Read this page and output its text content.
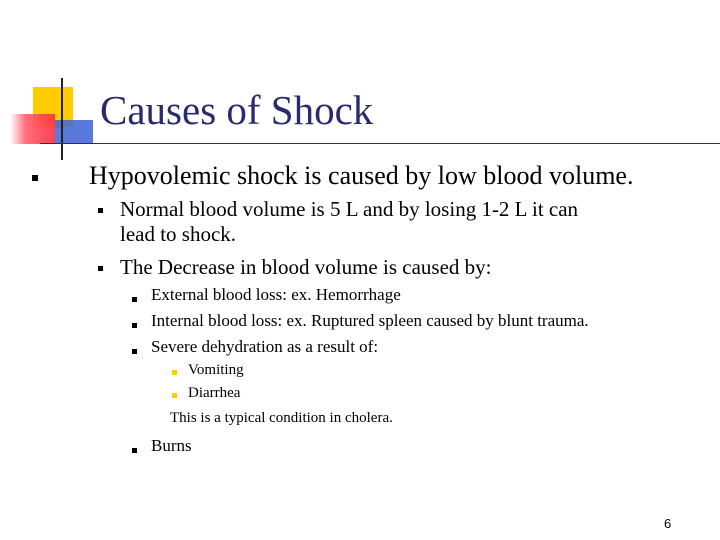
Causes of Shock
Hypovolemic shock is caused by low blood volume.
Normal blood volume is 5 L and by losing 1-2 L it can
lead to shock.
The Decrease in blood volume is caused by:
External blood loss: ex. Hemorrhage
Internal blood loss: ex. Ruptured spleen caused by blunt trauma.
Severe dehydration as a result of:
Vomiting
Diarrhea
This is a typical condition in cholera.
Burns
6
